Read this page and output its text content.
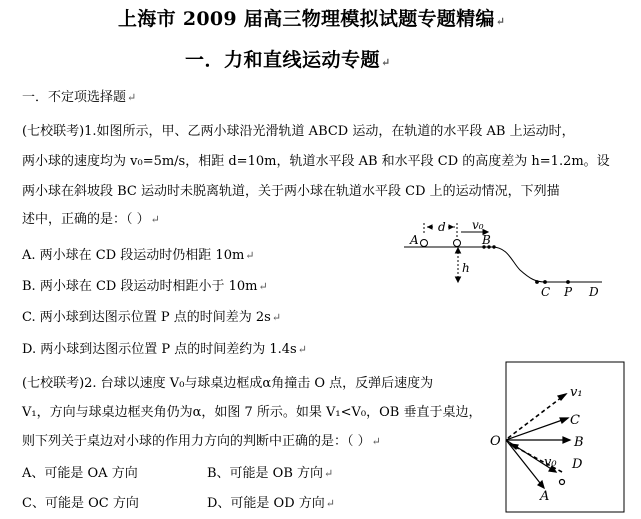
上海市 2009 届高三物理模拟试题专题精编↵
一．力和直线运动专题↵
一．不定项选择题↵
(七校联考)1.如图所示，甲、乙两小球沿光滑轨道 ABCD 运动，在轨道的水平段 AB 上运动时，
两小球的速度均为 v₀=5m/s，相距 d=10m，轨道水平段 AB 和水平段 CD 的高度差为 h=1.2m。设
两小球在斜坡段 BC 运动时未脱离轨道，关于两小球在轨道水平段 CD 上的运动情况，下列描
述中，正确的是：（ ）↵
A. 两小球在 CD 段运动时仍相距 10m↵
B. 两小球在 CD 段运动时相距小于 10m↵
C. 两小球到达图示位置 P 点的时间差为 2s↵
D. 两小球到达图示位置 P 点的时间差约为 1.4s↵
A	B
d v₀
h
C P D
(七校联考)2. 台球以速度 V₀与球桌边框成α角撞击 O 点，反弹后速度为
V₁，方向与球桌边框夹角仍为α，如图 7 所示。如果 V₁<V₀，OB 垂直于桌边，
则下列关于桌边对小球的作用力方向的判断中正确的是：（ ）↵
A、可能是 OA 方向	B、可能是 OB 方向↵
C、可能是 OC 方向	D、可能是 OD 方向↵
O
v₁
C
B
D
v₀
A
